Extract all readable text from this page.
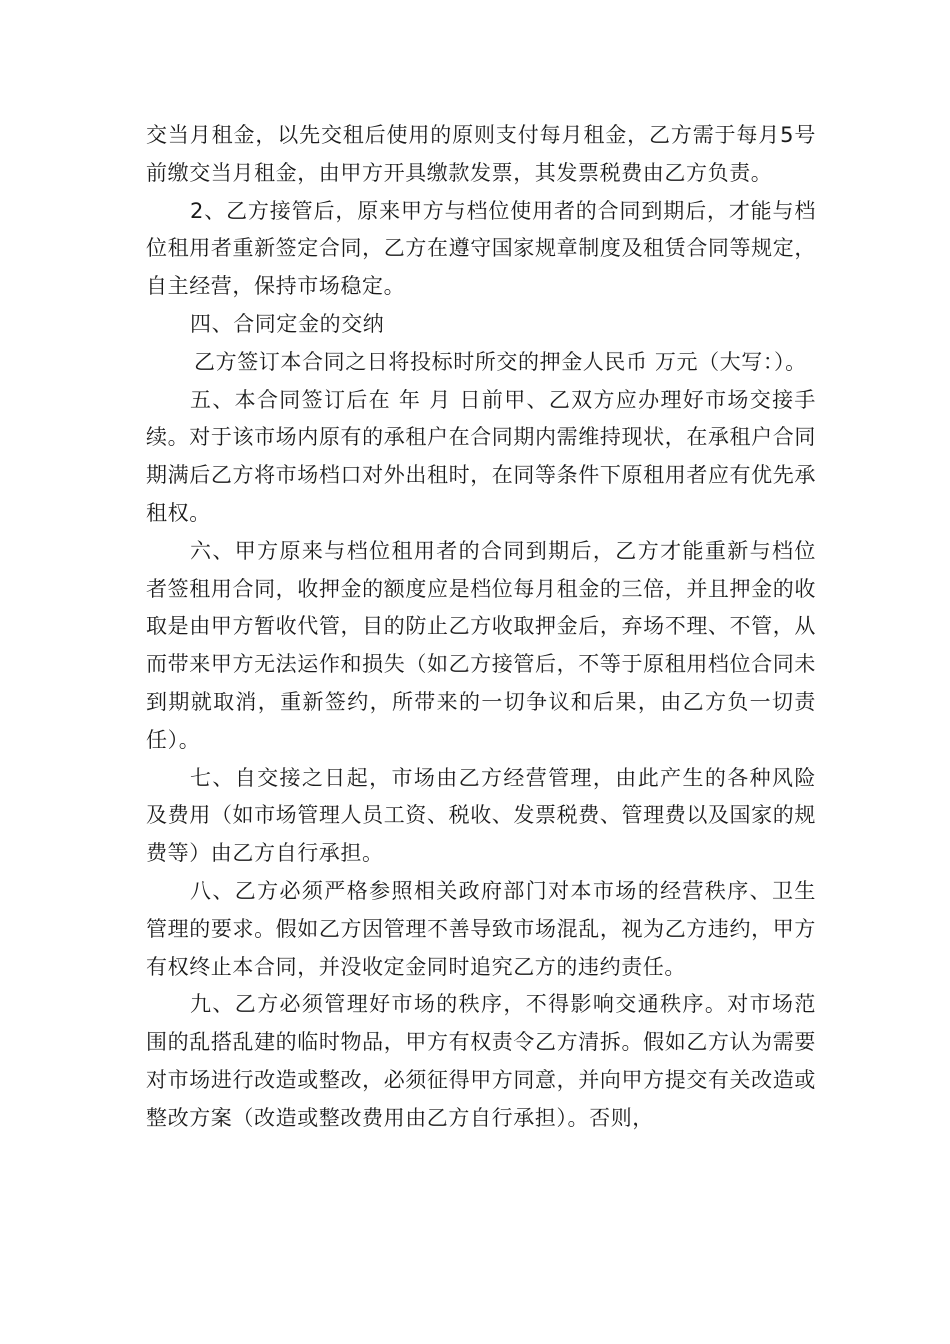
交当月租金，以先交租后使用的原则支付每月租金，乙方需于每月5号前缴交当月租金，由甲方开具缴款发票，其发票税费由乙方负责。

2、乙方接管后，原来甲方与档位使用者的合同到期后，才能与档位租用者重新签定合同，乙方在遵守国家规章制度及租赁合同等规定，自主经营，保持市场稳定。

四、合同定金的交纳

乙方签订本合同之日将投标时所交的押金人民币 万元（大写：）。

五、本合同签订后在 年 月 日前甲、乙双方应办理好市场交接手续。对于该市场内原有的承租户在合同期内需维持现状，在承租户合同期满后乙方将市场档口对外出租时，在同等条件下原租用者应有优先承租权。

六、甲方原来与档位租用者的合同到期后，乙方才能重新与档位者签租用合同，收押金的额度应是档位每月租金的三倍，并且押金的收取是由甲方暂收代管，目的防止乙方收取押金后，弃场不理、不管，从而带来甲方无法运作和损失（如乙方接管后，不等于原租用档位合同未到期就取消，重新签约，所带来的一切争议和后果，由乙方负一切责任）。

七、自交接之日起，市场由乙方经营管理，由此产生的各种风险及费用（如市场管理人员工资、税收、发票税费、管理费以及国家的规费等）由乙方自行承担。

八、乙方必须严格参照相关政府部门对本市场的经营秩序、卫生管理的要求。假如乙方因管理不善导致市场混乱，视为乙方违约，甲方有权终止本合同，并没收定金同时追究乙方的违约责任。

九、乙方必须管理好市场的秩序，不得影响交通秩序。对市场范围的乱搭乱建的临时物品，甲方有权责令乙方清拆。假如乙方认为需要对市场进行改造或整改，必须征得甲方同意，并向甲方提交有关改造或整改方案（改造或整改费用由乙方自行承担）。否则，
